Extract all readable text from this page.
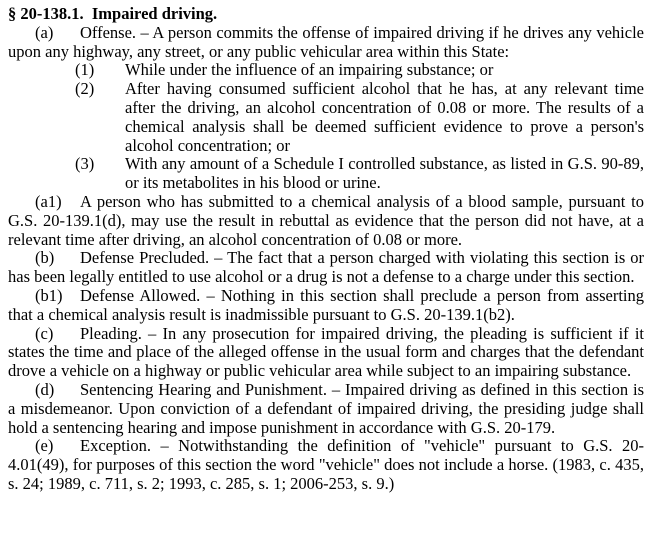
§ 20-138.1.  Impaired driving.

(a) Offense. – A person commits the offense of impaired driving if he drives any vehicle upon any highway, any street, or any public vehicular area within this State:

(1)	While under the influence of an impairing substance; or
(2)	After having consumed sufficient alcohol that he has, at any relevant time after the driving, an alcohol concentration of 0.08 or more. The results of a chemical analysis shall be deemed sufficient evidence to prove a person's alcohol concentration; or
(3)	With any amount of a Schedule I controlled substance, as listed in G.S. 90-89, or its metabolites in his blood or urine.

(a1) A person who has submitted to a chemical analysis of a blood sample, pursuant to G.S. 20-139.1(d), may use the result in rebuttal as evidence that the person did not have, at a relevant time after driving, an alcohol concentration of 0.08 or more.

(b) Defense Precluded. – The fact that a person charged with violating this section is or has been legally entitled to use alcohol or a drug is not a defense to a charge under this section.

(b1) Defense Allowed. – Nothing in this section shall preclude a person from asserting that a chemical analysis result is inadmissible pursuant to G.S. 20-139.1(b2).

(c) Pleading. – In any prosecution for impaired driving, the pleading is sufficient if it states the time and place of the alleged offense in the usual form and charges that the defendant drove a vehicle on a highway or public vehicular area while subject to an impairing substance.

(d) Sentencing Hearing and Punishment. – Impaired driving as defined in this section is a misdemeanor. Upon conviction of a defendant of impaired driving, the presiding judge shall hold a sentencing hearing and impose punishment in accordance with G.S. 20-179.

(e) Exception. – Notwithstanding the definition of "vehicle" pursuant to G.S. 20-4.01(49), for purposes of this section the word "vehicle" does not include a horse. (1983, c. 435, s. 24; 1989, c. 711, s. 2; 1993, c. 285, s. 1; 2006-253, s. 9.)
